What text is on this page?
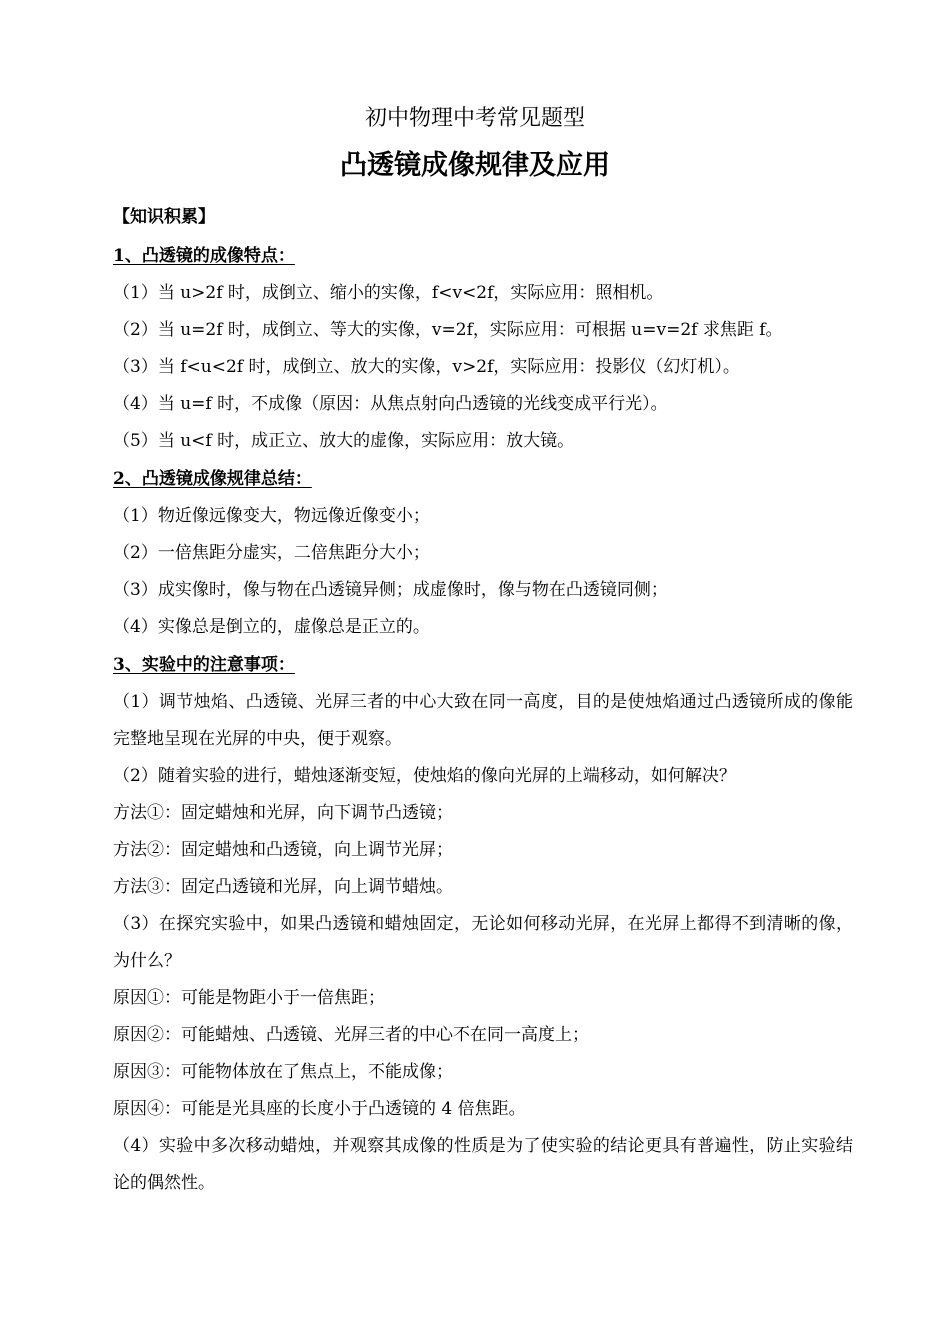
初中物理中考常见题型
凸透镜成像规律及应用
【知识积累】
1、凸透镜的成像特点：
（1）当 u>2f 时，成倒立、缩小的实像，f<v<2f，实际应用：照相机。
（2）当 u=2f 时，成倒立、等大的实像，v=2f，实际应用：可根据 u=v=2f 求焦距 f。
（3）当 f<u<2f 时，成倒立、放大的实像，v>2f，实际应用：投影仪（幻灯机）。
（4）当 u=f 时，不成像（原因：从焦点射向凸透镜的光线变成平行光）。
（5）当 u<f 时，成正立、放大的虚像，实际应用：放大镜。
2、凸透镜成像规律总结：
（1）物近像远像变大，物远像近像变小；
（2）一倍焦距分虚实，二倍焦距分大小；
（3）成实像时，像与物在凸透镜异侧；成虚像时，像与物在凸透镜同侧；
（4）实像总是倒立的，虚像总是正立的。
3、实验中的注意事项：
（1）调节烛焰、凸透镜、光屏三者的中心大致在同一高度，目的是使烛焰通过凸透镜所成的像能完整地呈现在光屏的中央，便于观察。
（2）随着实验的进行，蜡烛逐渐变短，使烛焰的像向光屏的上端移动，如何解决？
方法①：固定蜡烛和光屏，向下调节凸透镜；
方法②：固定蜡烛和凸透镜，向上调节光屏；
方法③：固定凸透镜和光屏，向上调节蜡烛。
（3）在探究实验中，如果凸透镜和蜡烛固定，无论如何移动光屏，在光屏上都得不到清晰的像，为什么？
原因①：可能是物距小于一倍焦距；
原因②：可能蜡烛、凸透镜、光屏三者的中心不在同一高度上；
原因③：可能物体放在了焦点上，不能成像；
原因④：可能是光具座的长度小于凸透镜的 4 倍焦距。
（4）实验中多次移动蜡烛，并观察其成像的性质是为了使实验的结论更具有普遍性，防止实验结论的偶然性。
